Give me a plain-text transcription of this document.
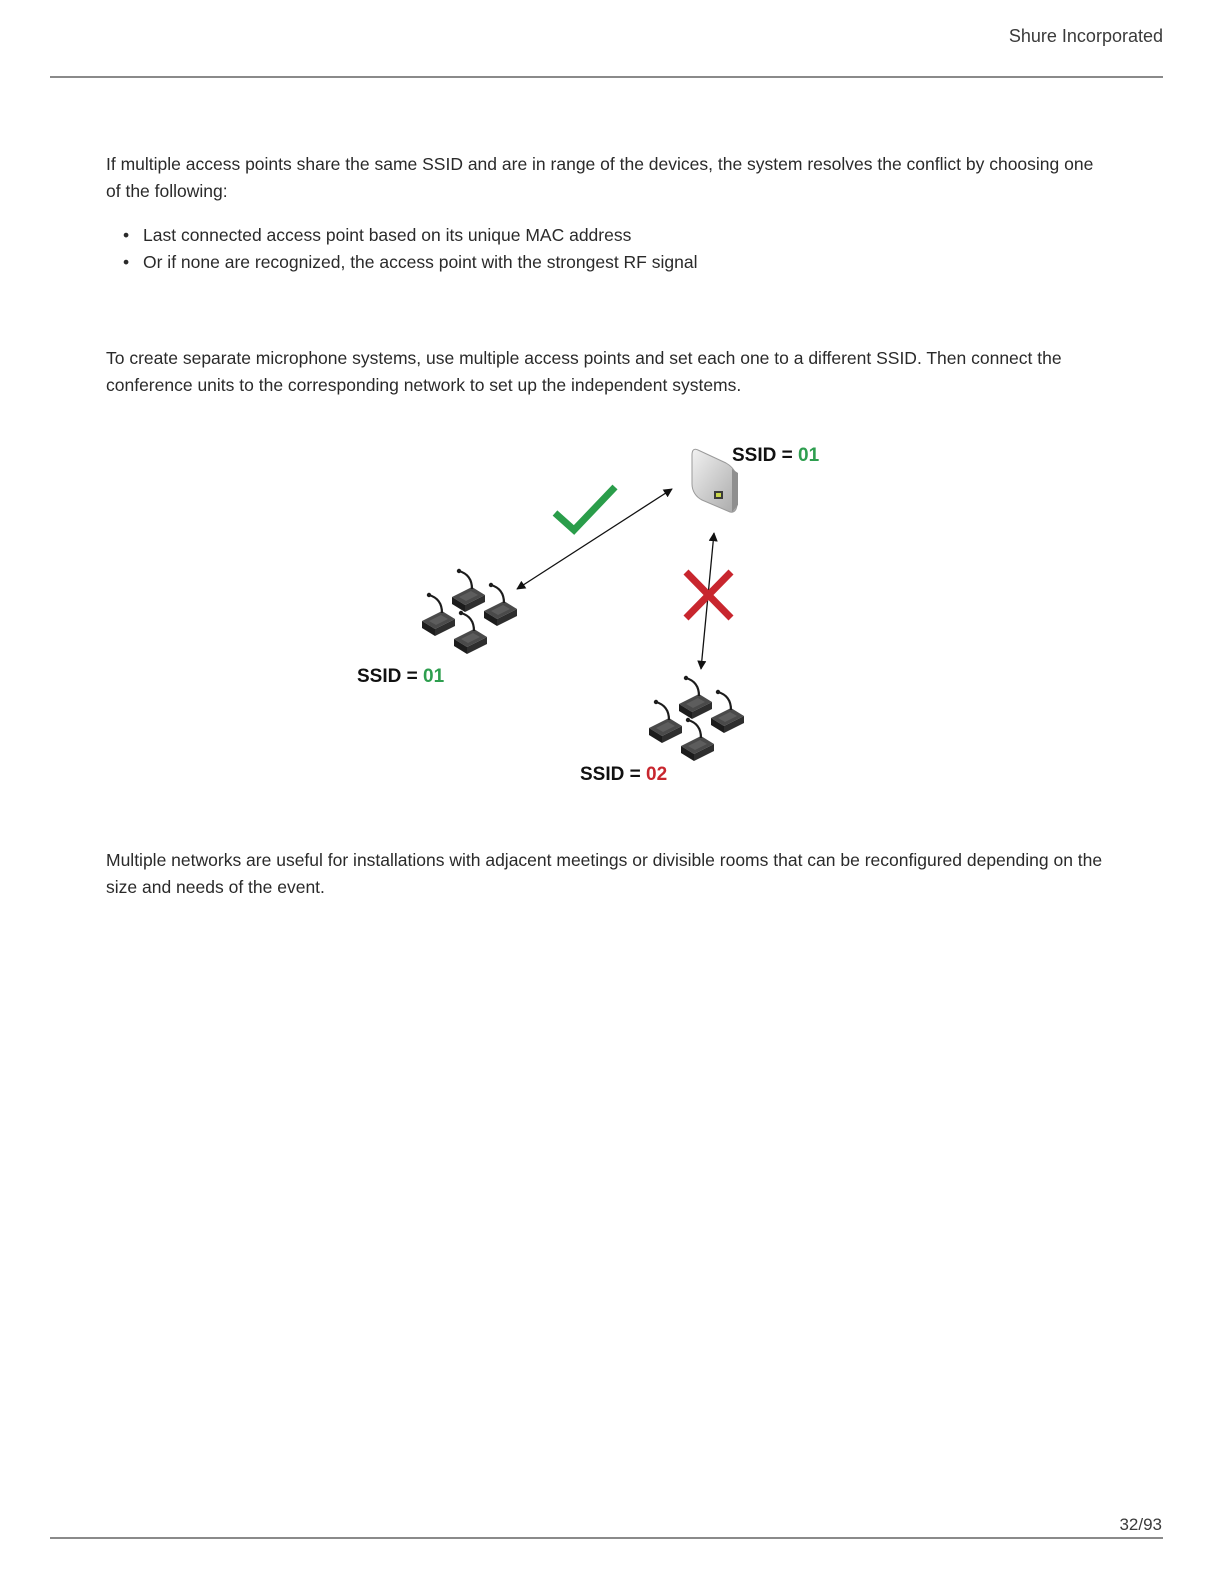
Shure Incorporated

If multiple access points share the same SSID and are in range of the devices, the system resolves the conflict by choosing one of the following:

• Last connected access point based on its unique MAC address
• Or if none are recognized, the access point with the strongest RF signal

To create separate microphone systems, use multiple access points and set each one to a different SSID. Then connect the conference units to the corresponding network to set up the independent systems.

SSID = 01
SSID = 01
SSID = 02

Multiple networks are useful for installations with adjacent meetings or divisible rooms that can be reconfigured depending on the size and needs of the event.

32/93
